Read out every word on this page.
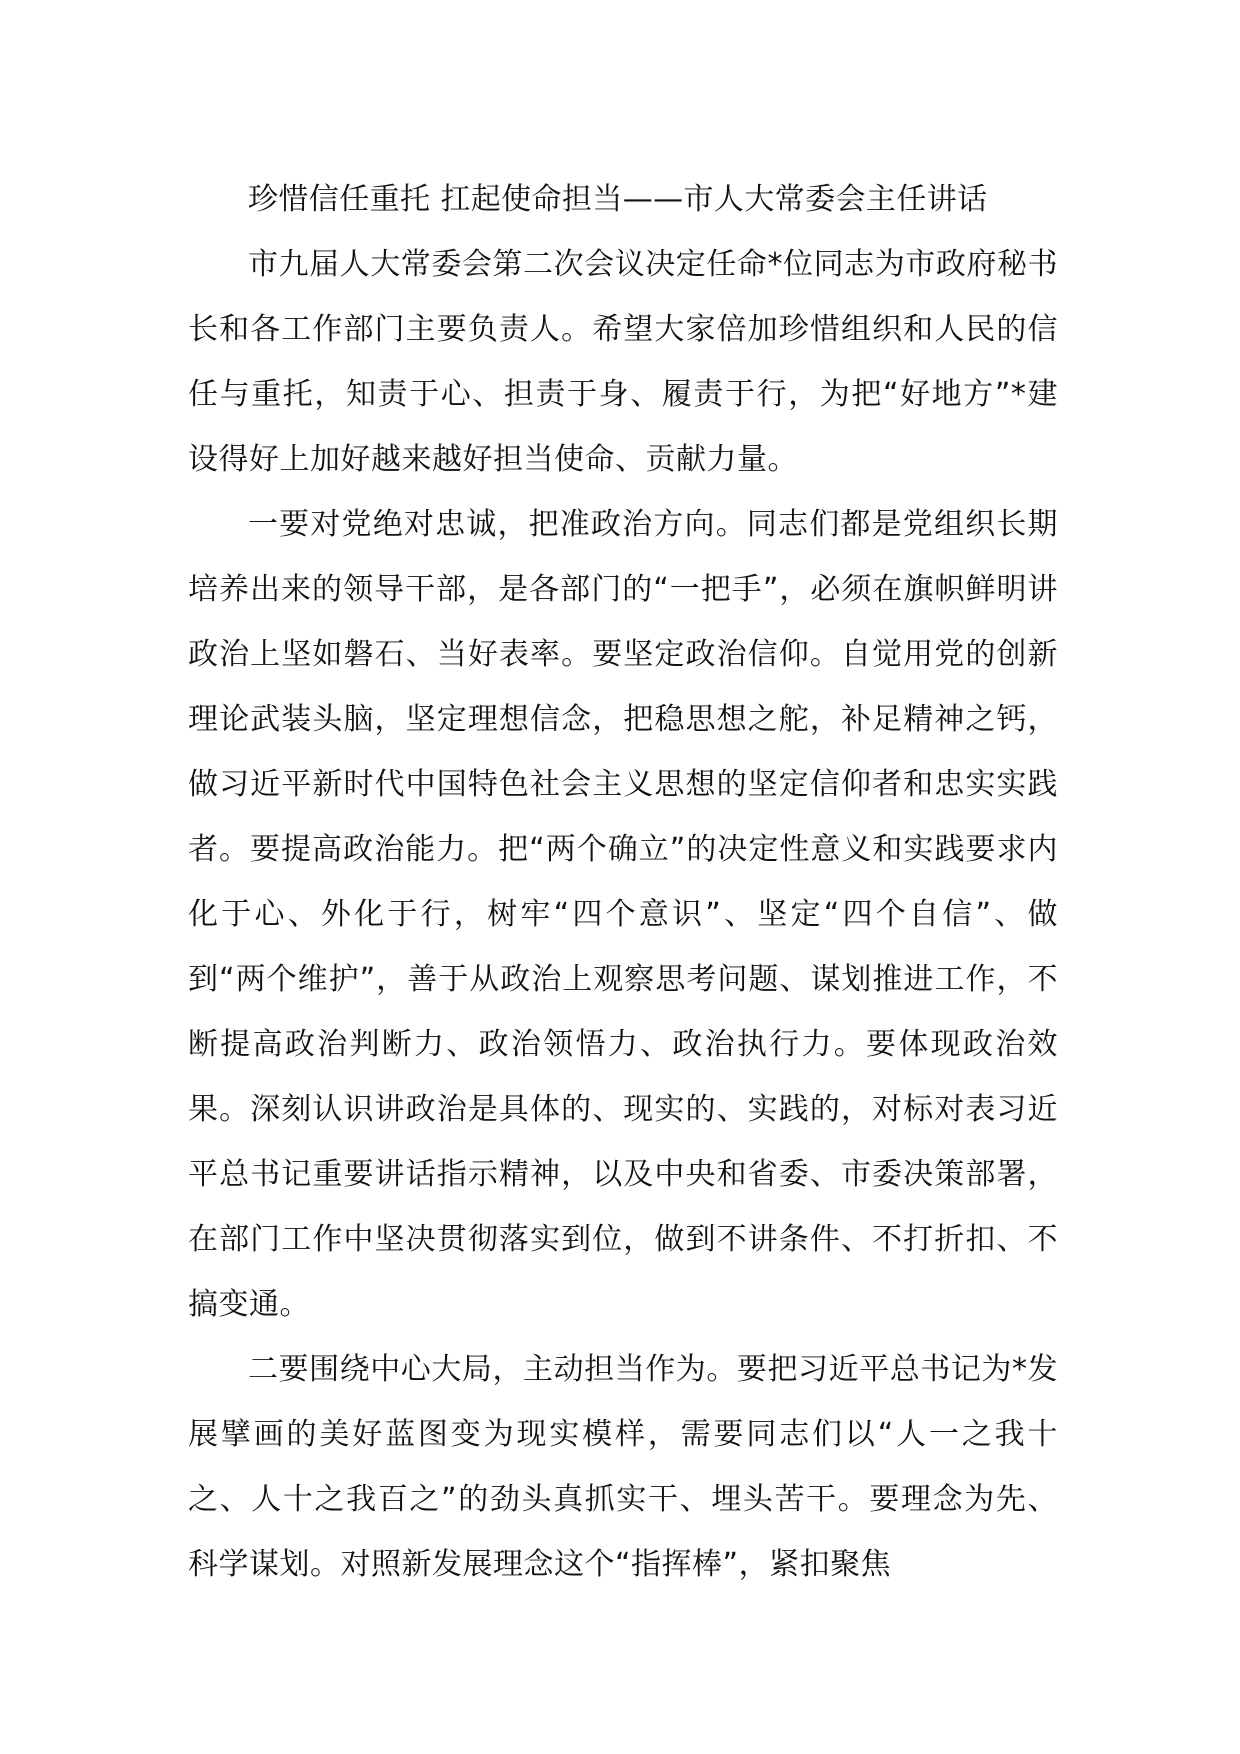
珍惜信任重托 扛起使命担当——市人大常委会主任讲话

市九届人大常委会第二次会议决定任命*位同志为市政府秘书长和各工作部门主要负责人。希望大家倍加珍惜组织和人民的信任与重托，知责于心、担责于身、履责于行，为把“好地方”*建设得好上加好越来越好担当使命、贡献力量。

一要对党绝对忠诚，把准政治方向。同志们都是党组织长期培养出来的领导干部，是各部门的“一把手”，必须在旗帜鲜明讲政治上坚如磐石、当好表率。要坚定政治信仰。自觉用党的创新理论武装头脑，坚定理想信念，把稳思想之舵，补足精神之钙，做习近平新时代中国特色社会主义思想的坚定信仰者和忠实实践者。要提高政治能力。把“两个确立”的决定性意义和实践要求内化于心、外化于行，树牢“四个意识”、坚定“四个自信”、做到“两个维护”，善于从政治上观察思考问题、谋划推进工作，不断提高政治判断力、政治领悟力、政治执行力。要体现政治效果。深刻认识讲政治是具体的、现实的、实践的，对标对表习近平总书记重要讲话指示精神，以及中央和省委、市委决策部署，在部门工作中坚决贯彻落实到位，做到不讲条件、不打折扣、不搞变通。

二要围绕中心大局，主动担当作为。要把习近平总书记为*发展擘画的美好蓝图变为现实模样，需要同志们以“人一之我十之、人十之我百之”的劲头真抓实干、埋头苦干。要理念为先、科学谋划。对照新发展理念这个“指挥棒”，紧扣聚焦
